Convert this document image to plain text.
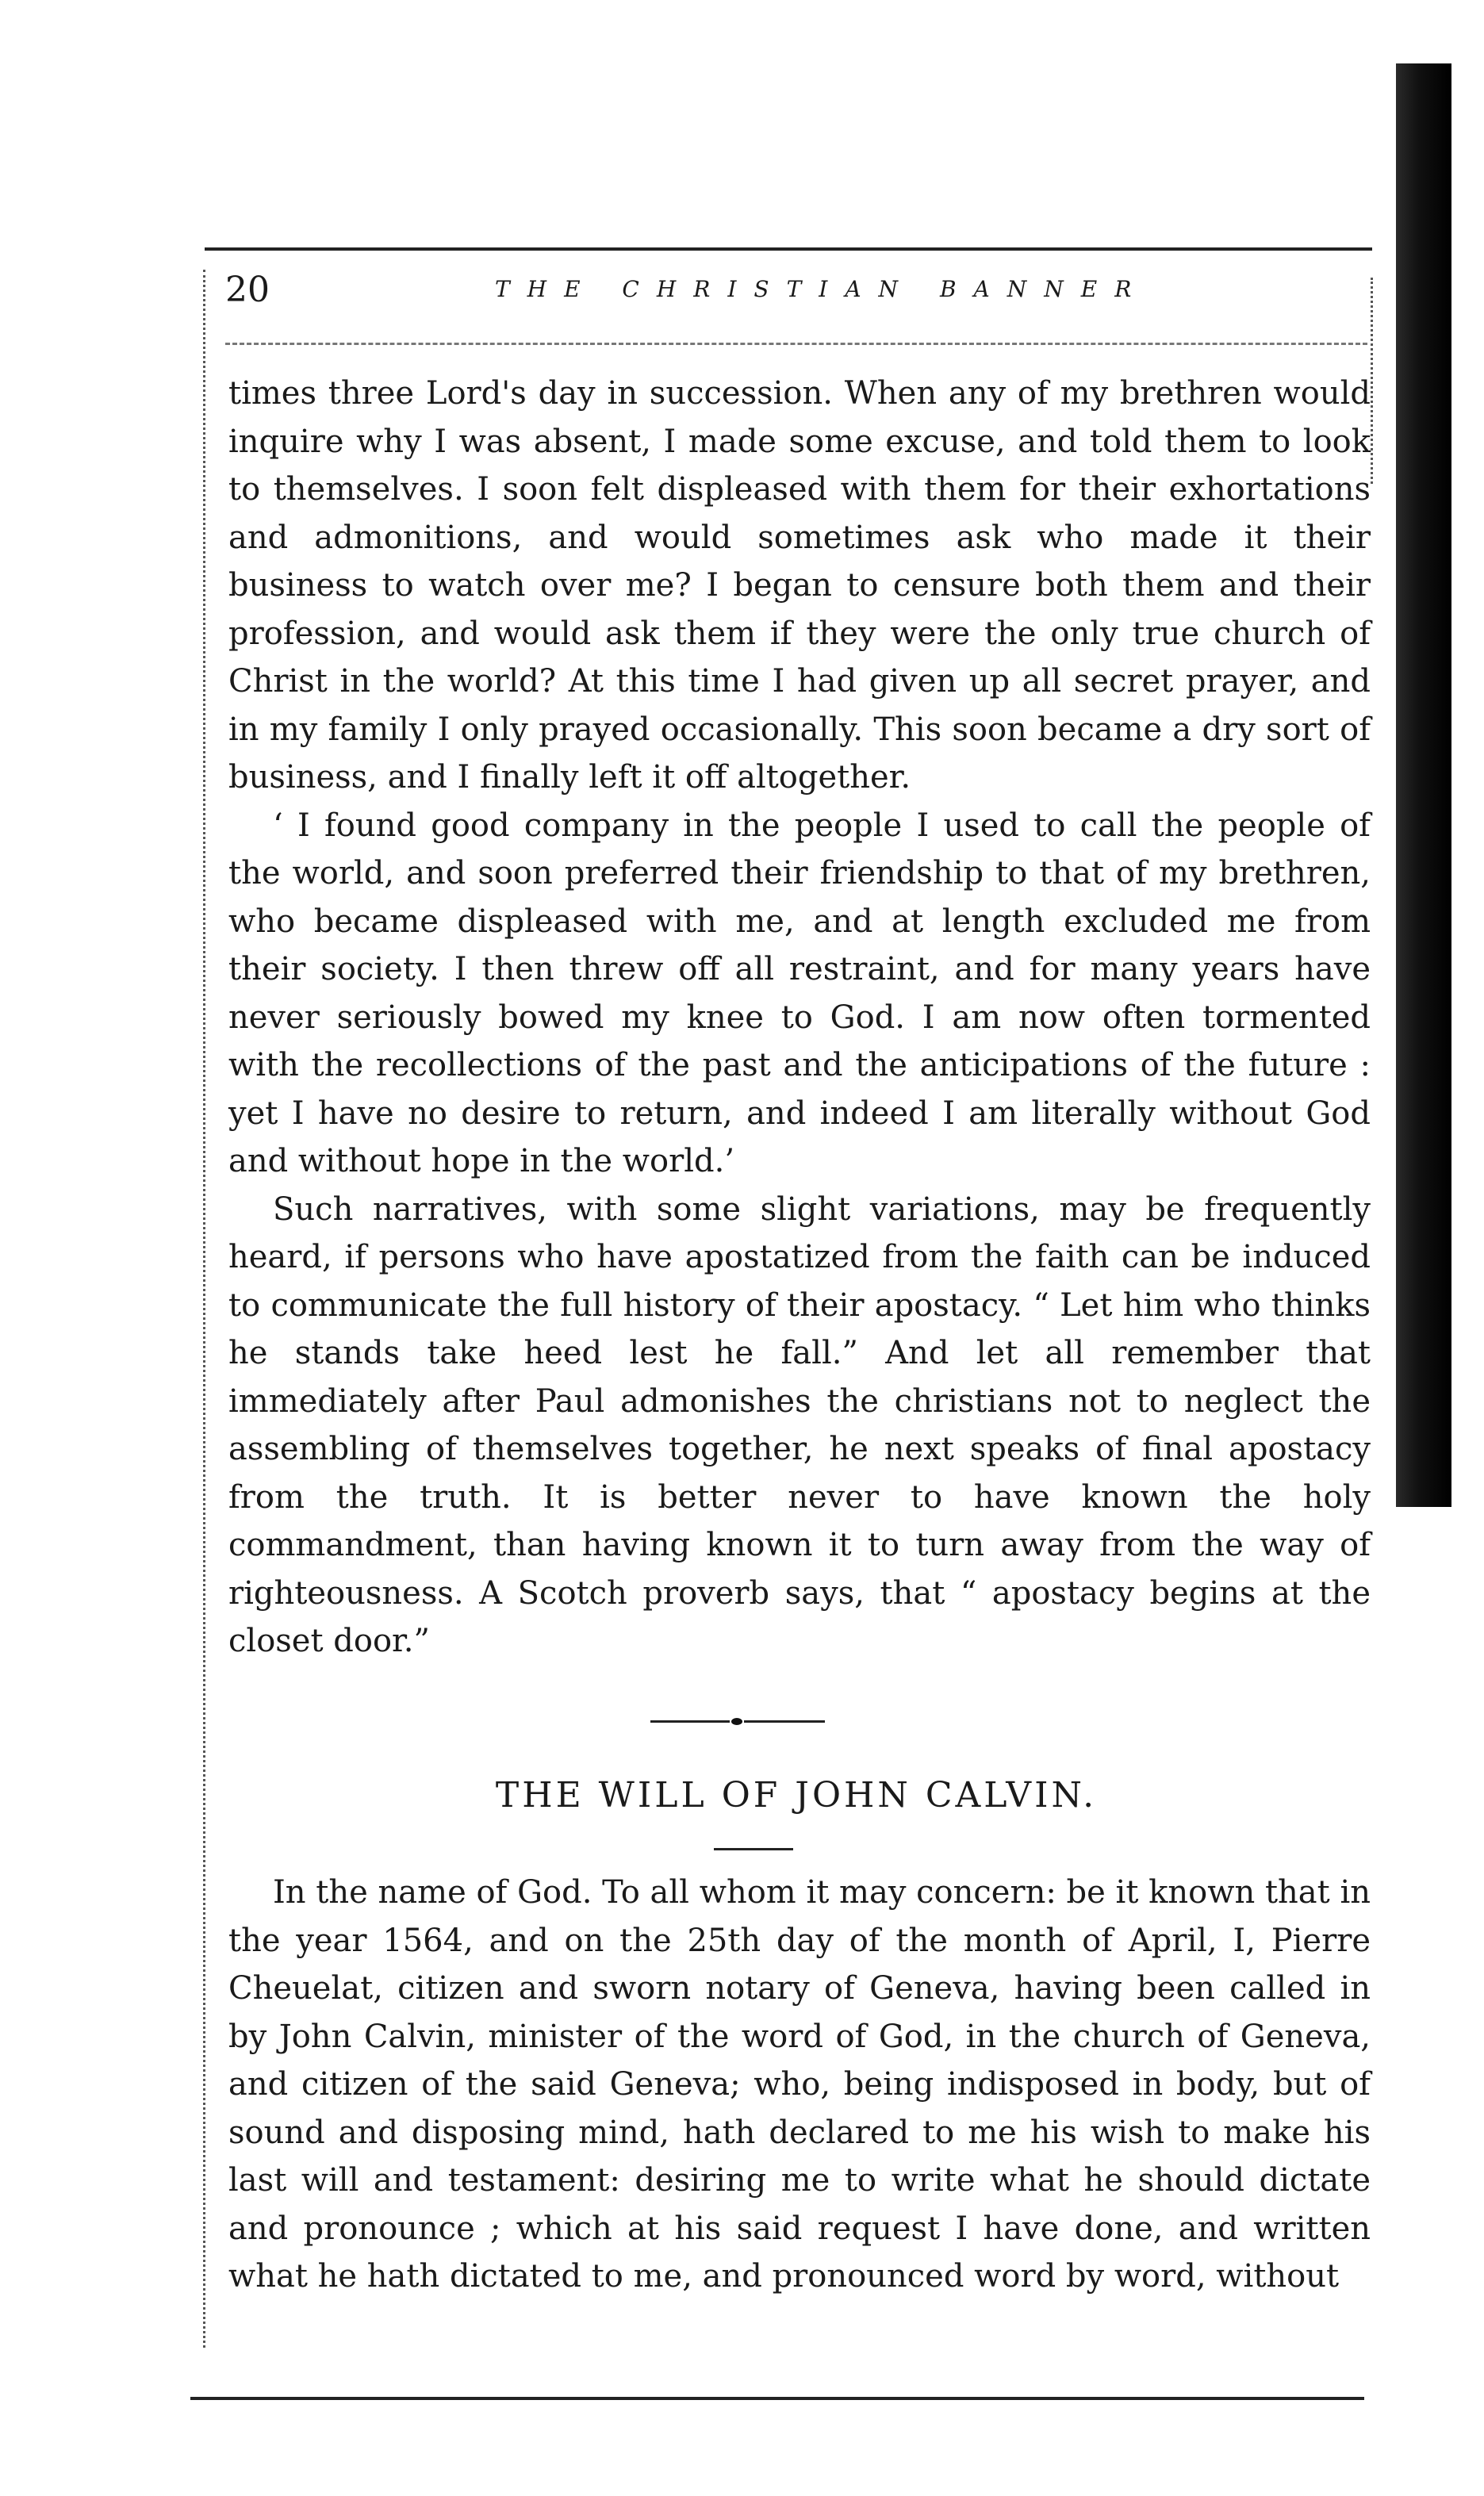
20	THE CHRISTIAN BANNER

times three Lord's day in succession. When any of my brethren would inquire why I was absent, I made some excuse, and told them to look to themselves. I soon felt displeased with them for their exhortations and admonitions, and would sometimes ask who made it their business to watch over me? I began to censure both them and their profession, and would ask them if they were the only true church of Christ in the world? At this time I had given up all secret prayer, and in my family I only prayed occasionally. This soon became a dry sort of business, and I finally left it off altogether.

‘ I found good company in the people I used to call the people of the world, and soon preferred their friendship to that of my brethren, who became displeased with me, and at length excluded me from their society. I then threw off all restraint, and for many years have never seriously bowed my knee to God. I am now often tormented with the recollections of the past and the anticipations of the future : yet I have no desire to return, and indeed I am literally without God and without hope in the world.’

Such narratives, with some slight variations, may be frequently heard, if persons who have apostatized from the faith can be induced to communicate the full history of their apostacy. “ Let him who thinks he stands take heed lest he fall.” And let all remember that immediately after Paul admonishes the christians not to neglect the assembling of themselves together, he next speaks of final apostacy from the truth. It is better never to have known the holy commandment, than having known it to turn away from the way of righteousness. A Scotch proverb says, that “ apostacy begins at the closet door.”

THE WILL OF JOHN CALVIN.

In the name of God. To all whom it may concern: be it known that in the year 1564, and on the 25th day of the month of April, I, Pierre Cheuelat, citizen and sworn notary of Geneva, having been called in by John Calvin, minister of the word of God, in the church of Geneva, and citizen of the said Geneva; who, being indisposed in body, but of sound and disposing mind, hath declared to me his wish to make his last will and testament: desiring me to write what he should dictate and pronounce ; which at his said request I have done, and written what he hath dictated to me, and pronounced word by word, without
